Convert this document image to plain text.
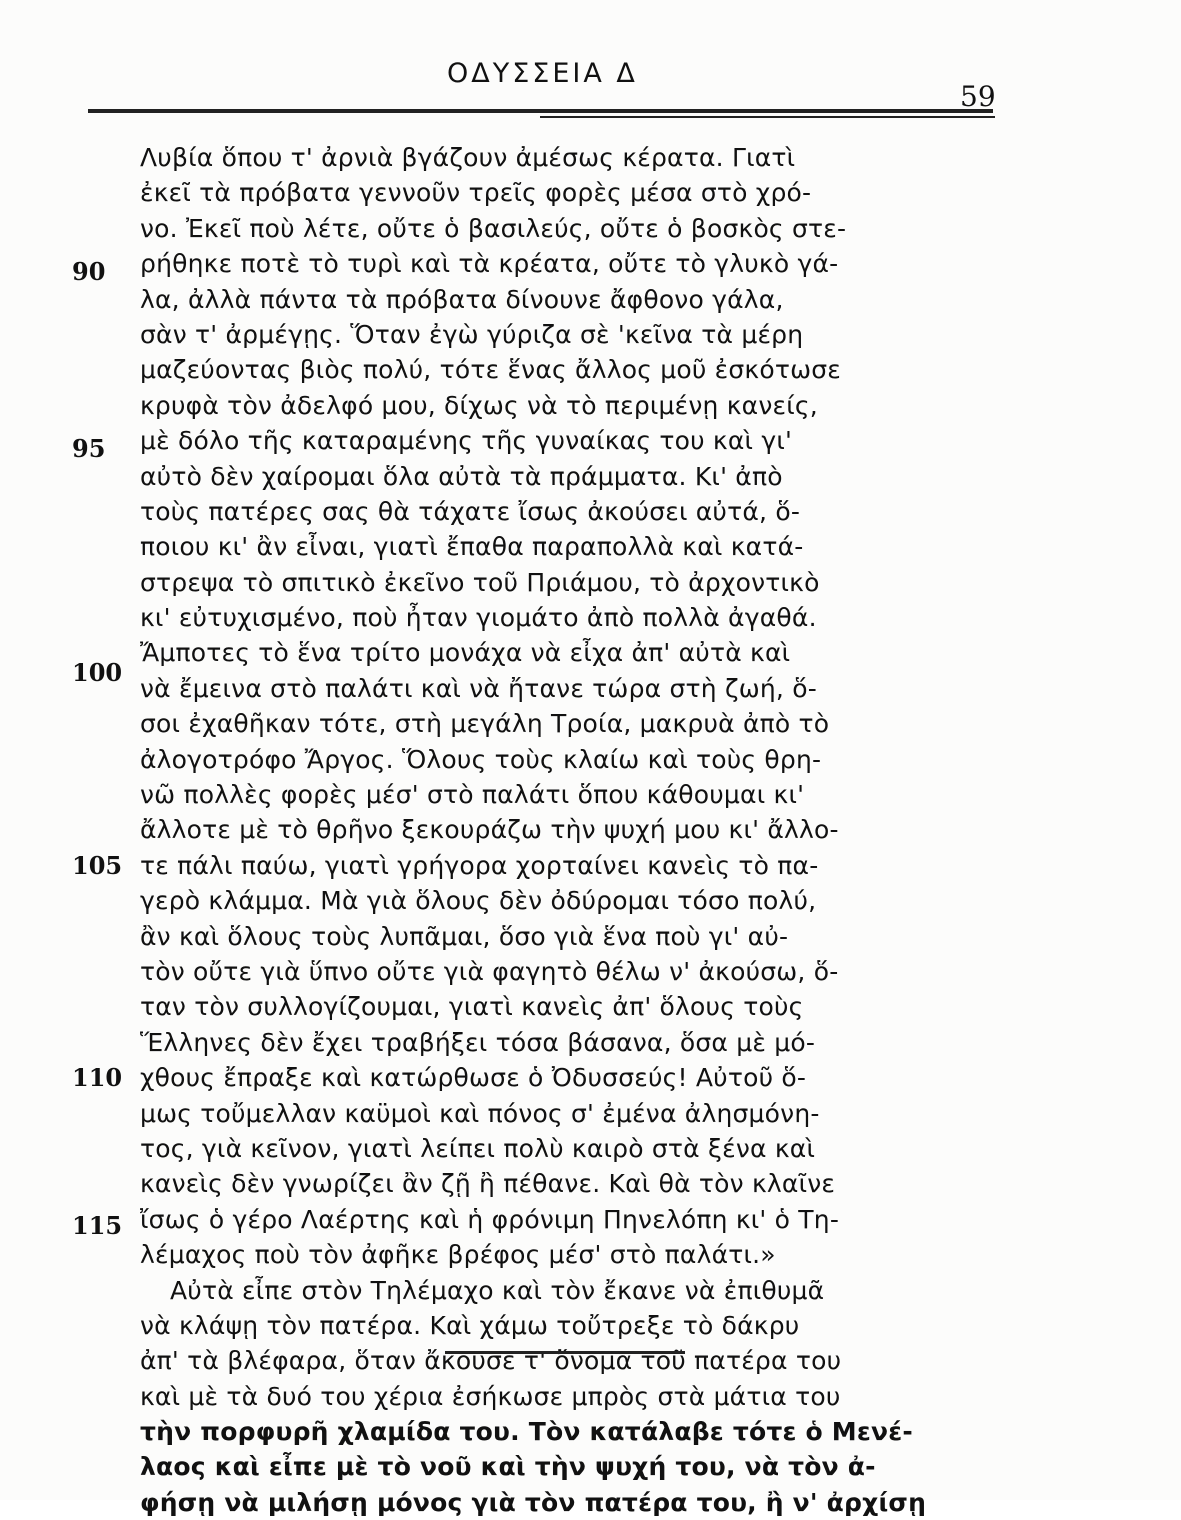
ΟΔΥΣΣΕΙΑ Δ
59
90
95
100
105
110
115
Λυβία ὅπου τ' ἀρνιὰ βγάζουν ἀμέσως κέρατα. Γιατὶ
ἐκεῖ τὰ πρόβατα γεννοῦν τρεῖς φορὲς μέσα στὸ χρό-
νο. Ἐκεῖ ποὺ λέτε, οὔτε ὁ βασιλεύς, οὔτε ὁ βοσκὸς στε-
ρήθηκε ποτὲ τὸ τυρὶ καὶ τὰ κρέατα, οὔτε τὸ γλυκὸ γά-
λα, ἀλλὰ πάντα τὰ πρόβατα δίνουνε ἄφθονο γάλα,
σὰν τ' ἀρμέγῃς. Ὅταν ἐγὼ γύριζα σὲ 'κεῖνα τὰ μέρη
μαζεύοντας βιὸς πολύ, τότε ἕνας ἄλλος μοῦ ἐσκότωσε
κρυφὰ τὸν ἀδελφό μου, δίχως νὰ τὸ περιμένῃ κανείς,
μὲ δόλο τῆς καταραμένης τῆς γυναίκας του καὶ γι'
αὐτὸ δὲν χαίρομαι ὅλα αὐτὰ τὰ πράμματα. Κι' ἀπὸ
τοὺς πατέρες σας θὰ τάχατε ἴσως ἀκούσει αὐτά, ὅ-
ποιου κι' ἂν εἶναι, γιατὶ ἔπαθα παραπολλὰ καὶ κατά-
στρεψα τὸ σπιτικὸ ἐκεῖνο τοῦ Πριάμου, τὸ ἀρχοντικὸ
κι' εὐτυχισμένο, ποὺ ἦταν γιομάτο ἀπὸ πολλὰ ἀγαθά.
Ἄμποτες τὸ ἕνα τρίτο μονάχα νὰ εἶχα ἀπ' αὐτὰ καὶ
νὰ ἔμεινα στὸ παλάτι καὶ νὰ ἤτανε τώρα στὴ ζωή, ὅ-
σοι ἐχαθῆκαν τότε, στὴ μεγάλη Τροία, μακρυὰ ἀπὸ τὸ
ἀλογοτρόφο Ἄργος. Ὅλους τοὺς κλαίω καὶ τοὺς θρη-
νῶ πολλὲς φορὲς μέσ' στὸ παλάτι ὅπου κάθουμαι κι'
ἄλλοτε μὲ τὸ θρῆνο ξεκουράζω τὴν ψυχή μου κι' ἄλλο-
τε πάλι παύω, γιατὶ γρήγορα χορταίνει κανεὶς τὸ πα-
γερὸ κλάμμα. Μὰ γιὰ ὅλους δὲν ὀδύρομαι τόσο πολύ,
ἂν καὶ ὅλους τοὺς λυπᾶμαι, ὅσο γιὰ ἕνα ποὺ γι' αὐ-
τὸν οὔτε γιὰ ὕπνο οὔτε γιὰ φαγητὸ θέλω ν' ἀκούσω, ὅ-
ταν τὸν συλλογίζουμαι, γιατὶ κανεὶς ἀπ' ὅλους τοὺς
Ἕλληνες δὲν ἔχει τραβήξει τόσα βάσανα, ὅσα μὲ μό-
χθους ἔπραξε καὶ κατώρθωσε ὁ Ὀδυσσεύς! Αὐτοῦ ὅ-
μως τοὔμελλαν καϋμοὶ καὶ πόνος σ' ἐμένα ἀλησμόνη-
τος, γιὰ κεῖνον, γιατὶ λείπει πολὺ καιρὸ στὰ ξένα καὶ
κανεὶς δὲν γνωρίζει ἂν ζῇ ἢ πέθανε. Καὶ θὰ τὸν κλαῖνε
ἴσως ὁ γέρο Λαέρτης καὶ ἡ φρόνιμη Πηνελόπη κι' ὁ Τη-
λέμαχος ποὺ τὸν ἀφῆκε βρέφος μέσ' στὸ παλάτι.»
Αὐτὰ εἶπε στὸν Τηλέμαχο καὶ τὸν ἔκανε νὰ ἐπιθυμᾶ
νὰ κλάψῃ τὸν πατέρα. Καὶ χάμω τοὔτρεξε τὸ δάκρυ
ἀπ' τὰ βλέφαρα, ὅταν ἄκουσε τ' ὄνομα τοῦ πατέρα του
καὶ μὲ τὰ δυό του χέρια ἐσήκωσε μπρὸς στὰ μάτια του
τὴν πορφυρῆ χλαμίδα του. Τὸν κατάλαβε τότε ὁ Μενέ-
λαος καὶ εἶπε μὲ τὸ νοῦ καὶ τὴν ψυχή του, νὰ τὸν ἀ-
φήσῃ νὰ μιλήσῃ μόνος γιὰ τὸν πατέρα του, ἢ ν' ἀρχίσῃ
